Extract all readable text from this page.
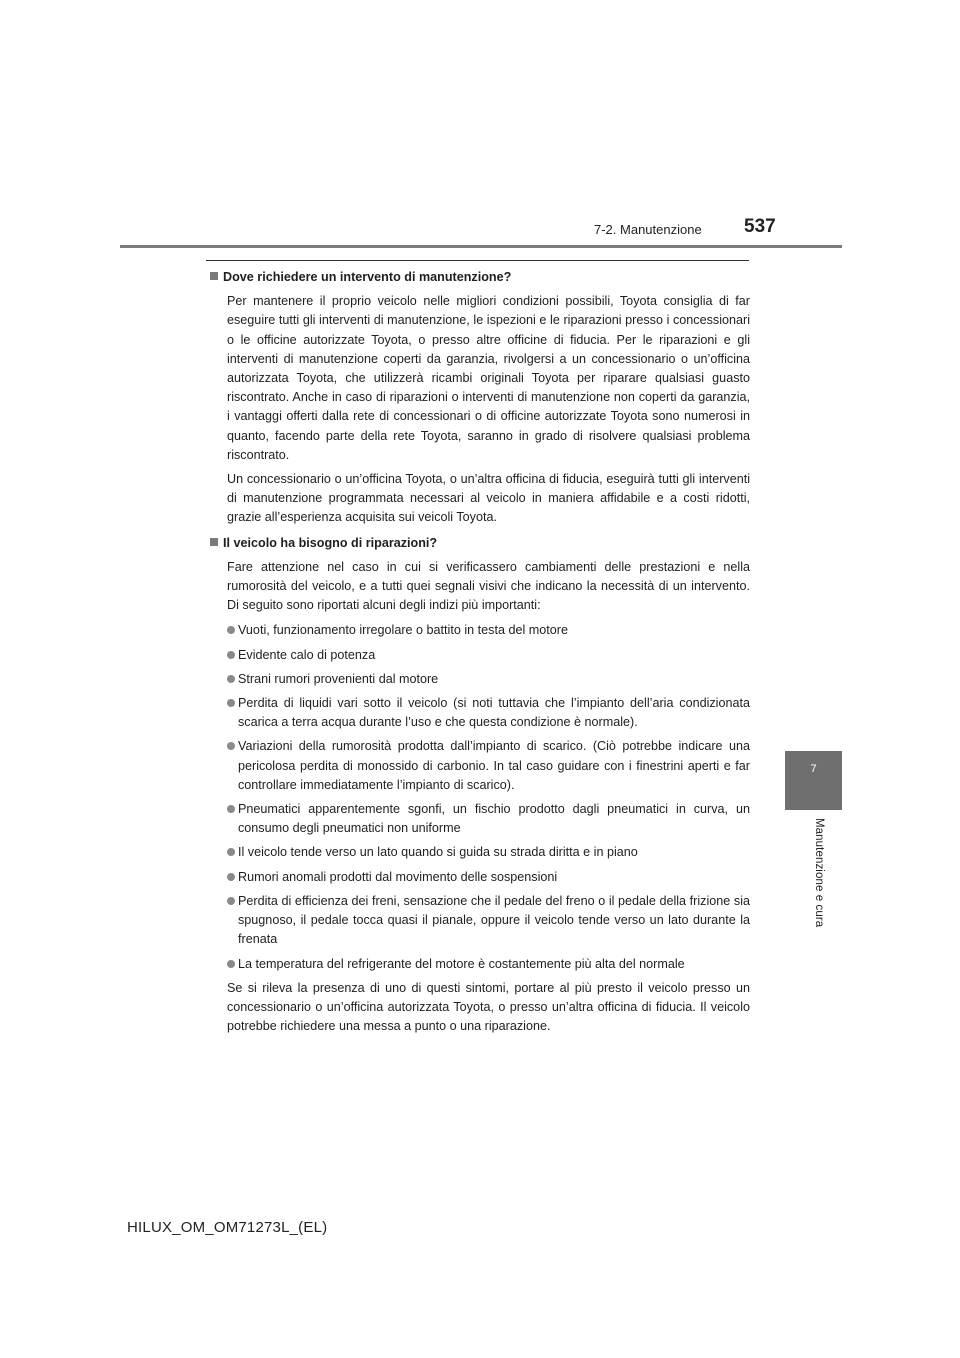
7-2. Manutenzione 537
7
Manutenzione e cura

Dove richiedere un intervento di manutenzione?

Per mantenere il proprio veicolo nelle migliori condizioni possibili, Toyota consiglia di far eseguire tutti gli interventi di manutenzione, le ispezioni e le riparazioni presso i concessionari o le officine autorizzate Toyota, o presso altre officine di fiducia. Per le riparazioni e gli interventi di manutenzione coperti da garanzia, rivolgersi a un concessionario o un’officina autorizzata Toyota, che utilizzerà ricambi originali Toyota per riparare qualsiasi guasto riscontrato. Anche in caso di riparazioni o interventi di manutenzione non coperti da garanzia, i vantaggi offerti dalla rete di concessionari o di officine autorizzate Toyota sono numerosi in quanto, facendo parte della rete Toyota, saranno in grado di risolvere qualsiasi problema riscontrato.

Un concessionario o un’officina Toyota, o un’altra officina di fiducia, eseguirà tutti gli interventi di manutenzione programmata necessari al veicolo in maniera affidabile e a costi ridotti, grazie all’esperienza acquisita sui veicoli Toyota.

Il veicolo ha bisogno di riparazioni?

Fare attenzione nel caso in cui si verificassero cambiamenti delle prestazioni e nella rumorosità del veicolo, e a tutti quei segnali visivi che indicano la necessità di un intervento. Di seguito sono riportati alcuni degli indizi più importanti:

Vuoti, funzionamento irregolare o battito in testa del motore
Evidente calo di potenza
Strani rumori provenienti dal motore
Perdita di liquidi vari sotto il veicolo (si noti tuttavia che l’impianto dell’aria condizionata scarica a terra acqua durante l’uso e che questa condizione è normale).
Variazioni della rumorosità prodotta dall’impianto di scarico. (Ciò potrebbe indicare una pericolosa perdita di monossido di carbonio. In tal caso guidare con i finestrini aperti e far controllare immediatamente l’impianto di scarico).
Pneumatici apparentemente sgonfi, un fischio prodotto dagli pneumatici in curva, un consumo degli pneumatici non uniforme
Il veicolo tende verso un lato quando si guida su strada diritta e in piano
Rumori anomali prodotti dal movimento delle sospensioni
Perdita di efficienza dei freni, sensazione che il pedale del freno o il pedale della frizione sia spugnoso, il pedale tocca quasi il pianale, oppure il veicolo tende verso un lato durante la frenata
La temperatura del refrigerante del motore è costantemente più alta del normale

Se si rileva la presenza di uno di questi sintomi, portare al più presto il veicolo presso un concessionario o un’officina autorizzata Toyota, o presso un’altra officina di fiducia. Il veicolo potrebbe richiedere una messa a punto o una riparazione.

HILUX_OM_OM71273L_(EL)
